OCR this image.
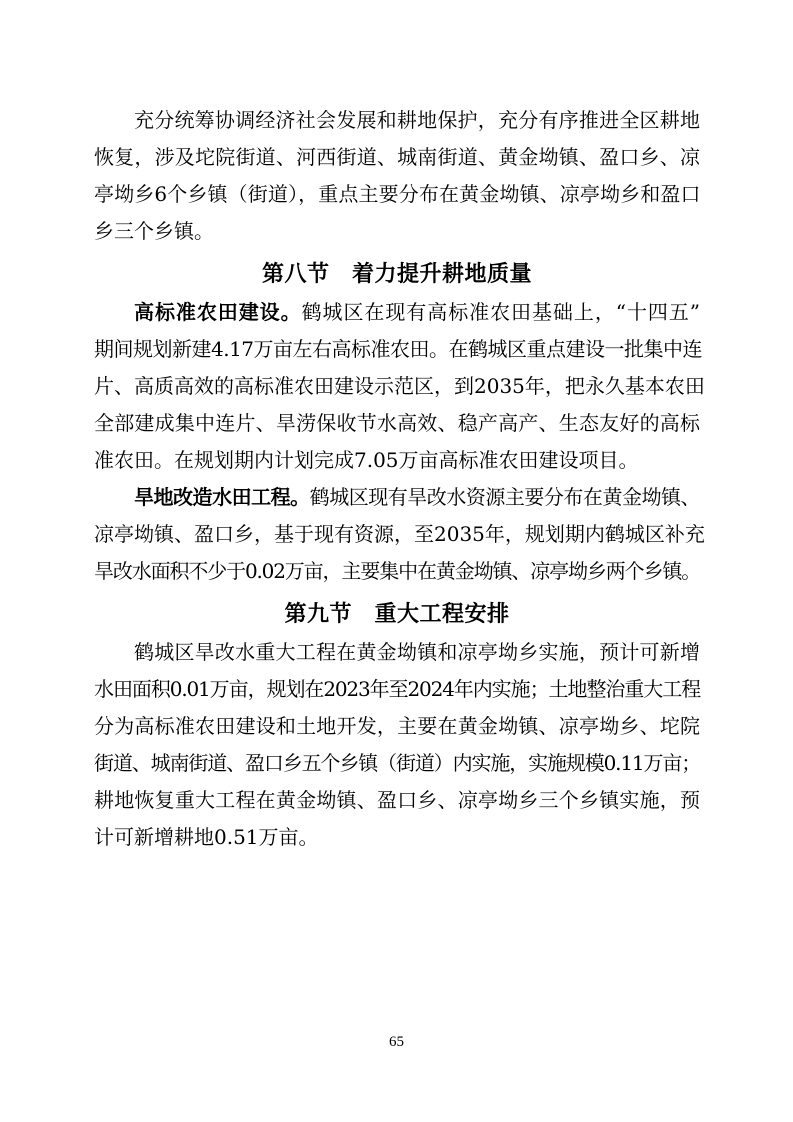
充分统筹协调经济社会发展和耕地保护，充分有序推进全区耕地
恢复，涉及坨院街道、河西街道、城南街道、黄金坳镇、盈口乡、凉
亭坳乡6个乡镇（街道），重点主要分布在黄金坳镇、凉亭坳乡和盈口
乡三个乡镇。
第八节　着力提升耕地质量
高标准农田建设。鹤城区在现有高标准农田基础上，“十四五”
期间规划新建4.17万亩左右高标准农田。在鹤城区重点建设一批集中连
片、高质高效的高标准农田建设示范区，到2035年，把永久基本农田
全部建成集中连片、旱涝保收节水高效、稳产高产、生态友好的高标
准农田。在规划期内计划完成7.05万亩高标准农田建设项目。
旱地改造水田工程。鹤城区现有旱改水资源主要分布在黄金坳镇、
凉亭坳镇、盈口乡，基于现有资源，至2035年，规划期内鹤城区补充
旱改水面积不少于0.02万亩，主要集中在黄金坳镇、凉亭坳乡两个乡镇。
第九节　重大工程安排
鹤城区旱改水重大工程在黄金坳镇和凉亭坳乡实施，预计可新增
水田面积0.01万亩，规划在2023年至2024年内实施；土地整治重大工程
分为高标准农田建设和土地开发，主要在黄金坳镇、凉亭坳乡、坨院
街道、城南街道、盈口乡五个乡镇（街道）内实施，实施规模0.11万亩；
耕地恢复重大工程在黄金坳镇、盈口乡、凉亭坳乡三个乡镇实施，预
计可新增耕地0.51万亩。
65
